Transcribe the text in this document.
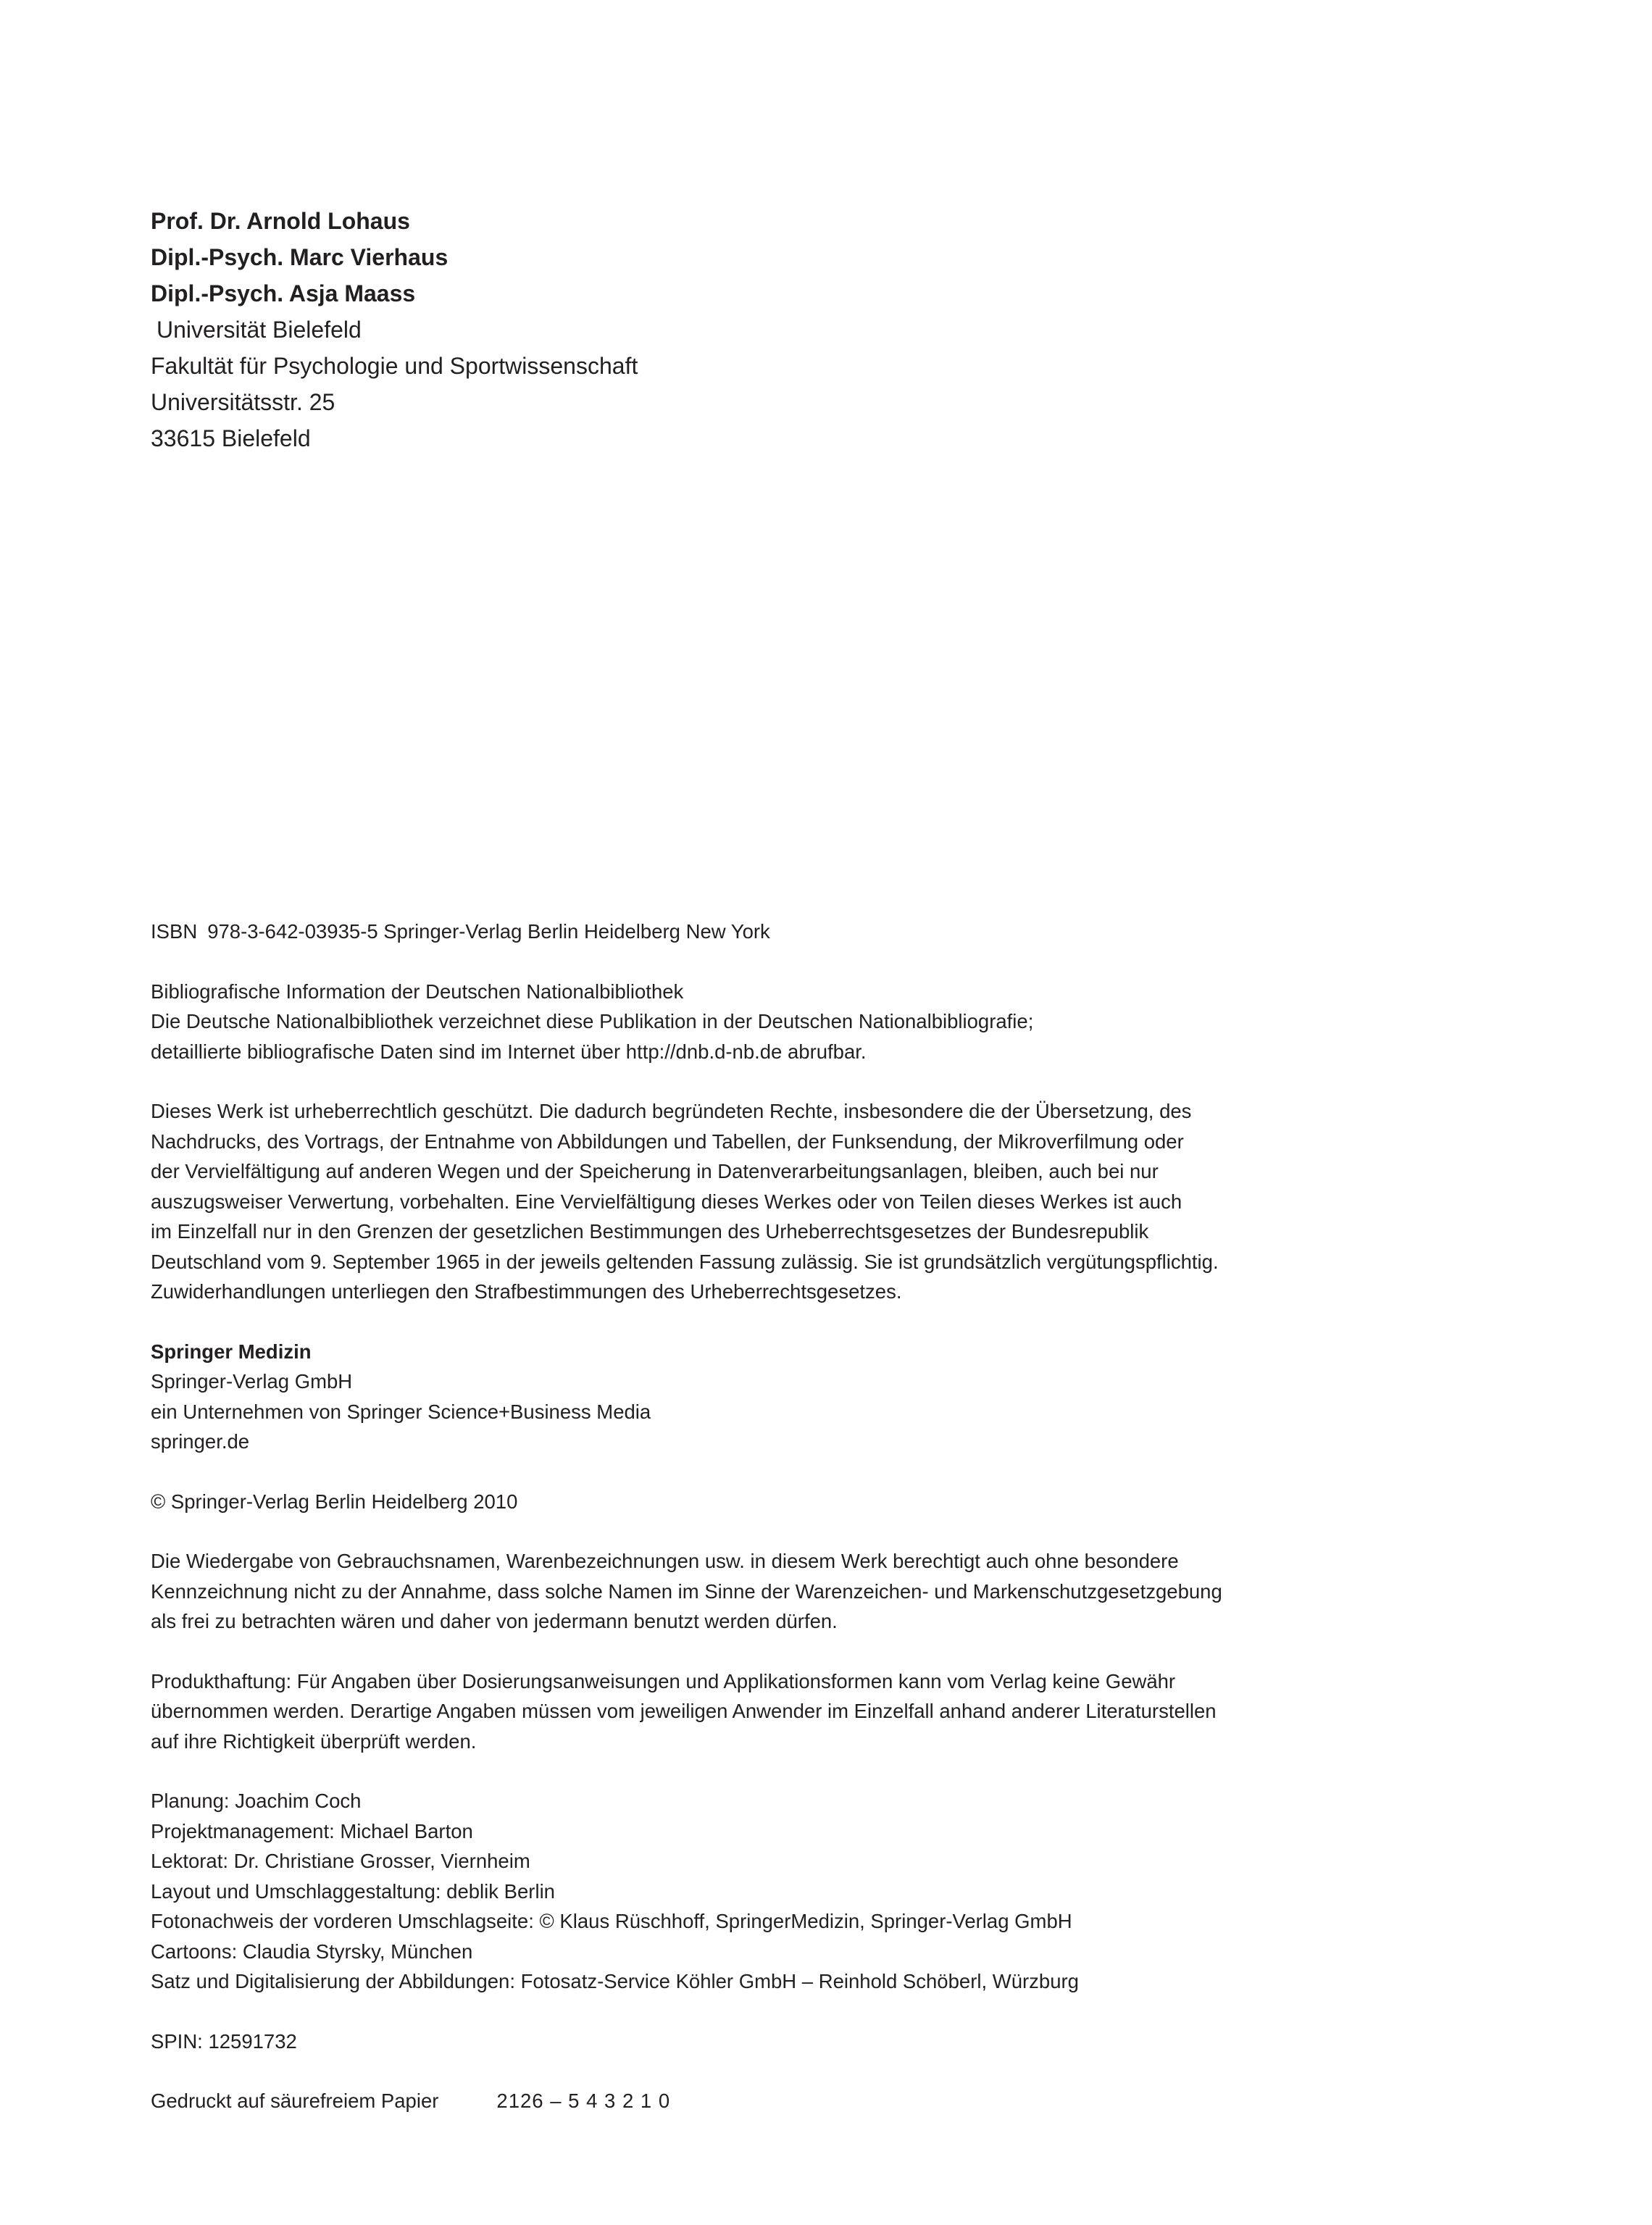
Prof. Dr. Arnold Lohaus
Dipl.-Psych. Marc Vierhaus
Dipl.-Psych. Asja Maass
Universität Bielefeld
Fakultät für Psychologie und Sportwissenschaft
Universitätsstr. 25
33615 Bielefeld
ISBN 978-3-642-03935-5 Springer-Verlag Berlin Heidelberg New York
Bibliografische Information der Deutschen Nationalbibliothek
Die Deutsche Nationalbibliothek verzeichnet diese Publikation in der Deutschen Nationalbibliografie;
detaillierte bibliografische Daten sind im Internet über http://dnb.d-nb.de abrufbar.
Dieses Werk ist urheberrechtlich geschützt. Die dadurch begründeten Rechte, insbesondere die der Übersetzung, des
Nachdrucks, des Vortrags, der Entnahme von Abbildungen und Tabellen, der Funksendung, der Mikroverfilmung oder
der Vervielfältigung auf anderen Wegen und der Speicherung in Datenverarbeitungsanlagen, bleiben, auch bei nur
auszugsweiser Verwertung, vorbehalten. Eine Vervielfältigung dieses Werkes oder von Teilen dieses Werkes ist auch
im Einzelfall nur in den Grenzen der gesetzlichen Bestimmungen des Urheberrechtsgesetzes der Bundesrepublik
Deutschland vom 9. September 1965 in der jeweils geltenden Fassung zulässig. Sie ist grundsätzlich vergütungspflichtig.
Zuwiderhandlungen unterliegen den Strafbestimmungen des Urheberrechtsgesetzes.
Springer Medizin
Springer-Verlag GmbH
ein Unternehmen von Springer Science+Business Media
springer.de
© Springer-Verlag Berlin Heidelberg 2010
Die Wiedergabe von Gebrauchsnamen, Warenbezeichnungen usw. in diesem Werk berechtigt auch ohne besondere
Kennzeichnung nicht zu der Annahme, dass solche Namen im Sinne der Warenzeichen- und Markenschutzgesetzgebung
als frei zu betrachten wären und daher von jedermann benutzt werden dürfen.
Produkthaftung: Für Angaben über Dosierungsanweisungen und Applikationsformen kann vom Verlag keine Gewähr
übernommen werden. Derartige Angaben müssen vom jeweiligen Anwender im Einzelfall anhand anderer Literaturstellen
auf ihre Richtigkeit überprüft werden.
Planung: Joachim Coch
Projektmanagement: Michael Barton
Lektorat: Dr. Christiane Grosser, Viernheim
Layout und Umschlaggestaltung: deblik Berlin
Fotonachweis der vorderen Umschlagseite: © Klaus Rüschhoff, SpringerMedizin, Springer-Verlag GmbH
Cartoons: Claudia Styrsky, München
Satz und Digitalisierung der Abbildungen: Fotosatz-Service Köhler GmbH – Reinhold Schöberl, Würzburg
SPIN: 12591732
Gedruckt auf säurefreiem Papier	2126 – 5 4 3 2 1 0
